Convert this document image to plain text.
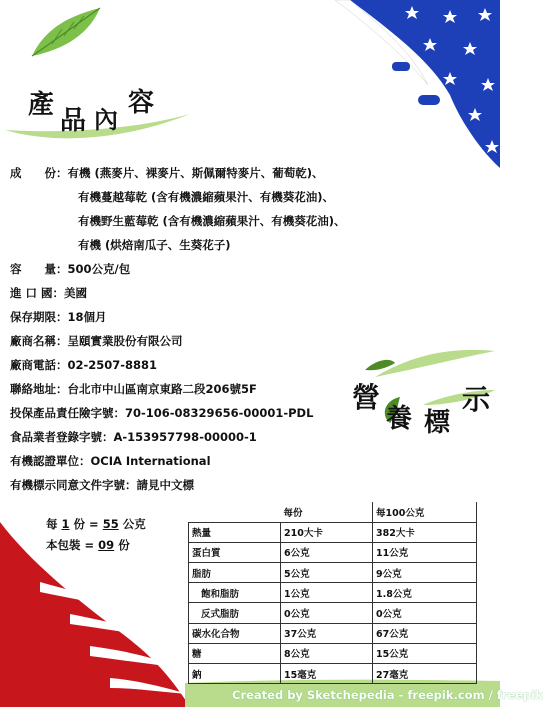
產
品 內
容
成　　份：有機 (燕麥片、裸麥片、斯佩爾特麥片、葡萄乾)、
有機蔓越莓乾 (含有機濃縮蘋果汁、有機葵花油)、
有機野生藍莓乾 (含有機濃縮蘋果汁、有機葵花油)、
有機 (烘焙南瓜子、生葵花子)
容　　量：500公克/包
進 口 國：美國
保存期限：18個月
廠商名稱：呈頤實業股份有限公司
廠商電話：02-2507-8881
聯絡地址：台北市中山區南京東路二段206號5F
投保產品責任險字號：70-106-08329656-00001-PDL
食品業者登錄字號：A-153957798-00000-1
有機認證單位：OCIA International
有機標示同意文件字號：請見中文標
營
養 標
示
每 1 份 = 55 公克
本包裝 = 09 份
	每份	每100公克
熱量	210大卡	382大卡
蛋白質	6公克	11公克
脂肪	5公克	9公克
飽和脂肪	1公克	1.8公克
反式脂肪	0公克	0公克
碳水化合物	37公克	67公克
糖	8公克	15公克
鈉	15毫克	27毫克
Created by Sketchepedia - freepik.com / freepik
